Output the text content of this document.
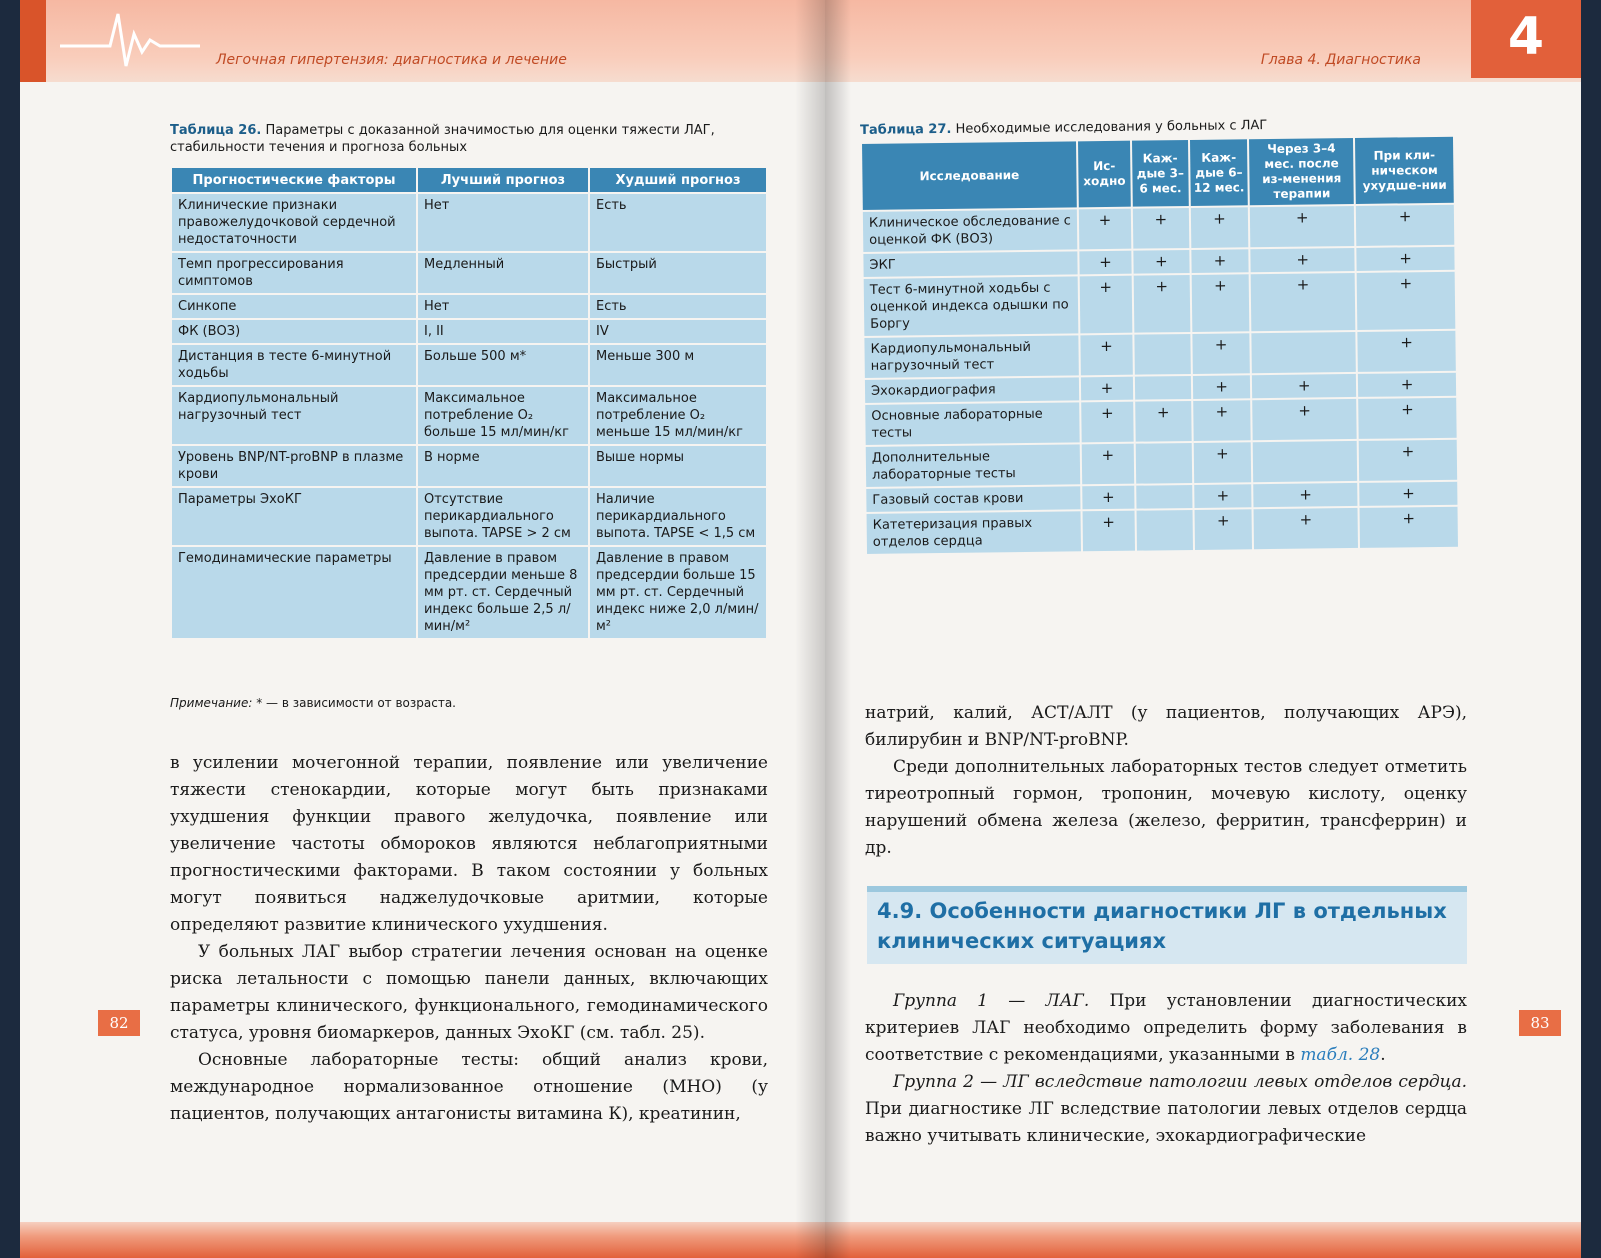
Легочная гипертензия: диагностика и лечение
Таблица 26. Параметры с доказанной значимостью для оценки тяжести ЛАГ, стабильности течения и прогноза больных
Прогностические факторы	Лучший прогноз	Худший прогноз
Клинические признаки правожелудочковой сердечной недостаточности	Нет	Есть
Темп прогрессирования симптомов	Медленный	Быстрый
Синкопе	Нет	Есть
ФК (ВОЗ)	I, II	IV
Дистанция в тесте 6-минутной ходьбы	Больше 500 м*	Меньше 300 м
Кардиопульмональный нагрузочный тест	Максимальное потребление O₂ больше 15 мл/мин/кг	Максимальное потребление O₂ меньше 15 мл/мин/кг
Уровень BNP/NT-proBNP в плазме крови	В норме	Выше нормы
Параметры ЭхоКГ	Отсутствие перикардиального выпота. TAPSE > 2 см	Наличие перикардиального выпота. TAPSE < 1,5 см
Гемодинамические параметры	Давление в правом предсердии меньше 8 мм рт. ст. Сердечный индекс больше 2,5 л/мин/м²	Давление в правом предсердии больше 15 мм рт. ст. Сердечный индекс ниже 2,0 л/мин/м²
Примечание: * — в зависимости от возраста.

в усилении мочегонной терапии, появление или увеличение тяжести стенокардии, которые могут быть признаками ухудшения функции правого желудочка, появление или увеличение частоты обмороков являются неблагоприятными прогностическими факторами. В таком состоянии у больных могут появиться наджелудочковые аритмии, которые определяют развитие клинического ухудшения.

У больных ЛАГ выбор стратегии лечения основан на оценке риска летальности с помощью панели данных, включающих параметры клинического, функционального, гемодинамического статуса, уровня биомаркеров, данных ЭхоКГ (см. табл. 25).

Основные лабораторные тесты: общий анализ крови, международное нормализованное отношение (МНО) (у пациентов, получающих антагонисты витамина К), креатинин,

82
Глава 4. Диагностика	4
Таблица 27. Необходимые исследования у больных с ЛАГ
Исследование	Ис-ходно	Каж-дые 3–6 мес.	Каж-дые 6–12 мес.	Через 3–4 мес. после из-менения терапии	При кли-ническом ухудше-нии
Клиническое обследование с оценкой ФК (ВОЗ)	+	+	+	+	+
ЭКГ	+	+	+	+	+
Тест 6-минутной ходьбы с оценкой индекса одышки по Боргу	+	+	+	+	+
Кардиопульмональный нагрузочный тест	+		+		+
Эхокардиография	+		+	+	+
Основные лабораторные тесты	+	+	+	+	+
Дополнительные лабораторные тесты	+		+		+
Газовый состав крови	+		+	+	+
Катетеризация правых отделов сердца	+		+	+	+

натрий, калий, АСТ/АЛТ (у пациентов, получающих АРЭ), билирубин и BNP/NT-proBNP.

Среди дополнительных лабораторных тестов следует отметить тиреотропный гормон, тропонин, мочевую кислоту, оценку нарушений обмена железа (железо, ферритин, трансферрин) и др.

4.9. Особенности диагностики ЛГ в отдельных клинических ситуациях

Группа 1 — ЛАГ. При установлении диагностических критериев ЛАГ необходимо определить форму заболевания в соответствие с рекомендациями, указанными в табл. 28.

Группа 2 — ЛГ вследствие патологии левых отделов сердца. При диагностике ЛГ вследствие патологии левых отделов сердца важно учитывать клинические, эхокардиографические

83
